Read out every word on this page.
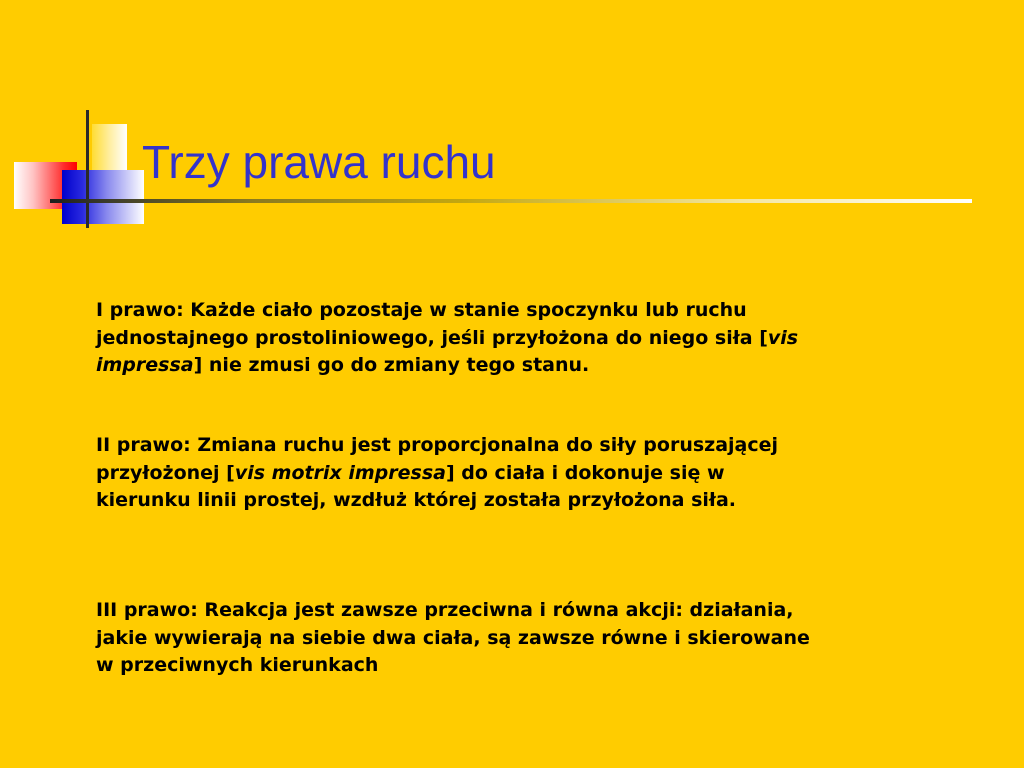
Trzy prawa ruchu

I prawo: Każde ciało pozostaje w stanie spoczynku lub ruchu jednostajnego prostoliniowego, jeśli przyłożona do niego siła [vis impressa] nie zmusi go do zmiany tego stanu.

II prawo: Zmiana ruchu jest proporcjonalna do siły poruszającej przyłożonej [vis motrix impressa] do ciała i dokonuje się w kierunku linii prostej, wzdłuż której została przyłożona siła.

III prawo: Reakcja jest zawsze przeciwna i równa akcji: działania, jakie wywierają na siebie dwa ciała, są zawsze równe i skierowane w przeciwnych kierunkach
